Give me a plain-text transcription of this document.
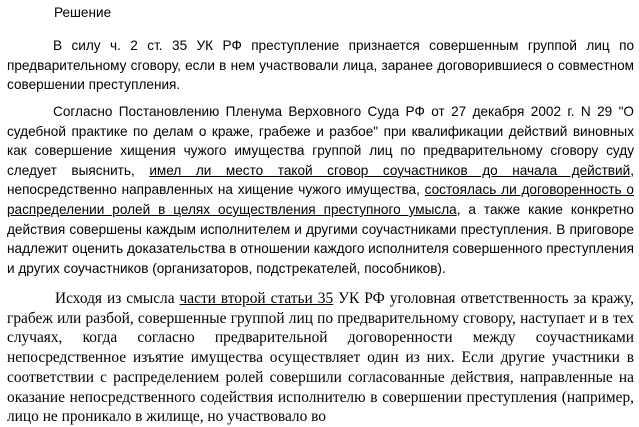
Решение

В силу ч. 2 ст. 35 УК РФ преступление признается совершенным группой лиц по предварительному сговору, если в нем участвовали лица, заранее договорившиеся о совместном совершении преступления.

Согласно Постановлению Пленума Верховного Суда РФ от 27 декабря 2002 г. N 29 "О судебной практике по делам о краже, грабеже и разбое" при квалификации действий виновных как совершение хищения чужого имущества группой лиц по предварительному сговору суду следует выяснить, имел ли место такой сговор соучастников до начала действий, непосредственно направленных на хищение чужого имущества, состоялась ли договоренность о распределении ролей в целях осуществления преступного умысла, а также какие конкретно действия совершены каждым исполнителем и другими соучастниками преступления. В приговоре надлежит оценить доказательства в отношении каждого исполнителя совершенного преступления и других соучастников (организаторов, подстрекателей, пособников).

Исходя из смысла части второй статьи 35 УК РФ уголовная ответственность за кражу, грабеж или разбой, совершенные группой лиц по предварительному сговору, наступает и в тех случаях, когда согласно предварительной договоренности между соучастниками непосредственное изъятие имущества осуществляет один из них. Если другие участники в соответствии с распределением ролей совершили согласованные действия, направленные на оказание непосредственного содействия исполнителю в совершении преступления (например, лицо не проникало в жилище, но участвовало во
